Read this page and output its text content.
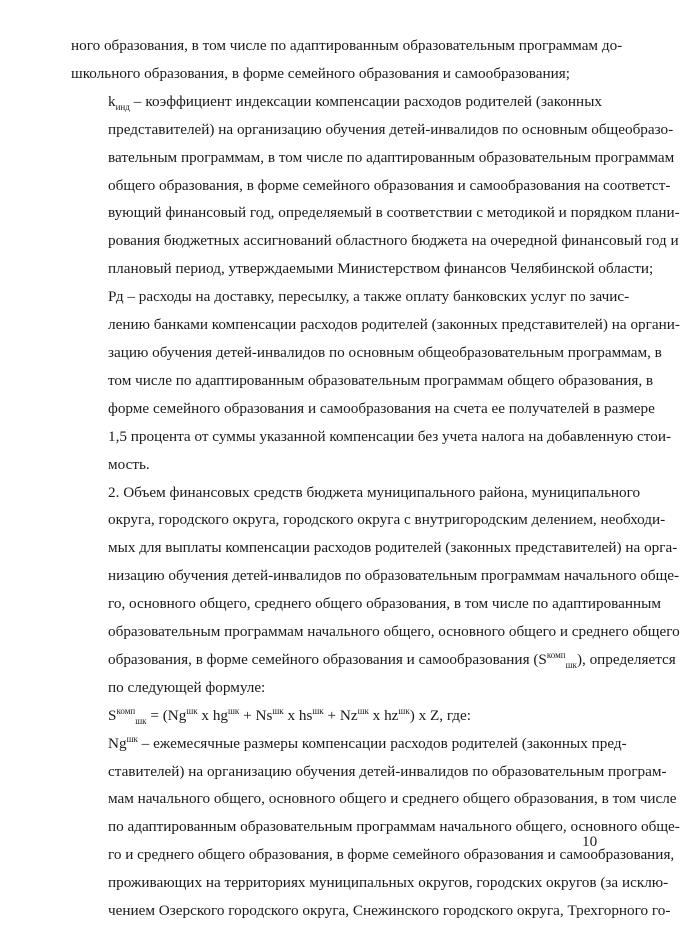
ного образования, в том числе по адаптированным образовательным программам до-
школьного образования, в форме семейного образования и самообразования;

$k_{инд}$ – коэффициент индексации компенсации расходов родителей (законных
представителей) на организацию обучения детей-инвалидов по основным общеобразо-
вательным программам, в том числе по адаптированным образовательным программам
общего образования, в форме семейного образования и самообразования на соответст-
вующий финансовый год, определяемый в соответствии с методикой и порядком плани-
рования бюджетных ассигнований областного бюджета на очередной финансовый год и
плановый период, утверждаемыми Министерством финансов Челябинской области;

Рд – расходы на доставку, пересылку, а также оплату банковских услуг по зачис-
лению банками компенсации расходов родителей (законных представителей) на органи-
зацию обучения детей-инвалидов по основным общеобразовательным программам, в
том числе по адаптированным образовательным программам общего образования, в
форме семейного образования и самообразования на счета ее получателей в размере
1,5 процента от суммы указанной компенсации без учета налога на добавленную стои-
мость.

2. Объем финансовых средств бюджета муниципального района, муниципального
округа, городского округа, городского округа с внутригородским делением, необходи-
мых для выплаты компенсации расходов родителей (законных представителей) на орга-
низацию обучения детей-инвалидов по образовательным программам начального обще-
го, основного общего, среднего общего образования, в том числе по адаптированным
образовательным программам начального общего, основного общего и среднего общего
образования, в форме семейного образования и самообразования $(S^{комп}_{шк})$, определяется
по следующей формуле:

$S^{комп}_{шк} = (Ng^{шк}$ x $hg^{шк} + Ns^{шк}$ x $hs^{шк} + Nz^{шк}$ x $hz^{шк}$) x Z, где:

$Ng^{шк}$ – ежемесячные размеры компенсации расходов родителей (законных пред-
ставителей) на организацию обучения детей-инвалидов по образовательным програм-
мам начального общего, основного общего и среднего общего образования, в том числе
по адаптированным образовательным программам начального общего, основного обще-
го и среднего общего образования, в форме семейного образования и самообразования,
проживающих на территориях муниципальных округов, городских округов (за исклю-
чением Озерского городского округа, Снежинского городского округа, Трехгорного го-

10
